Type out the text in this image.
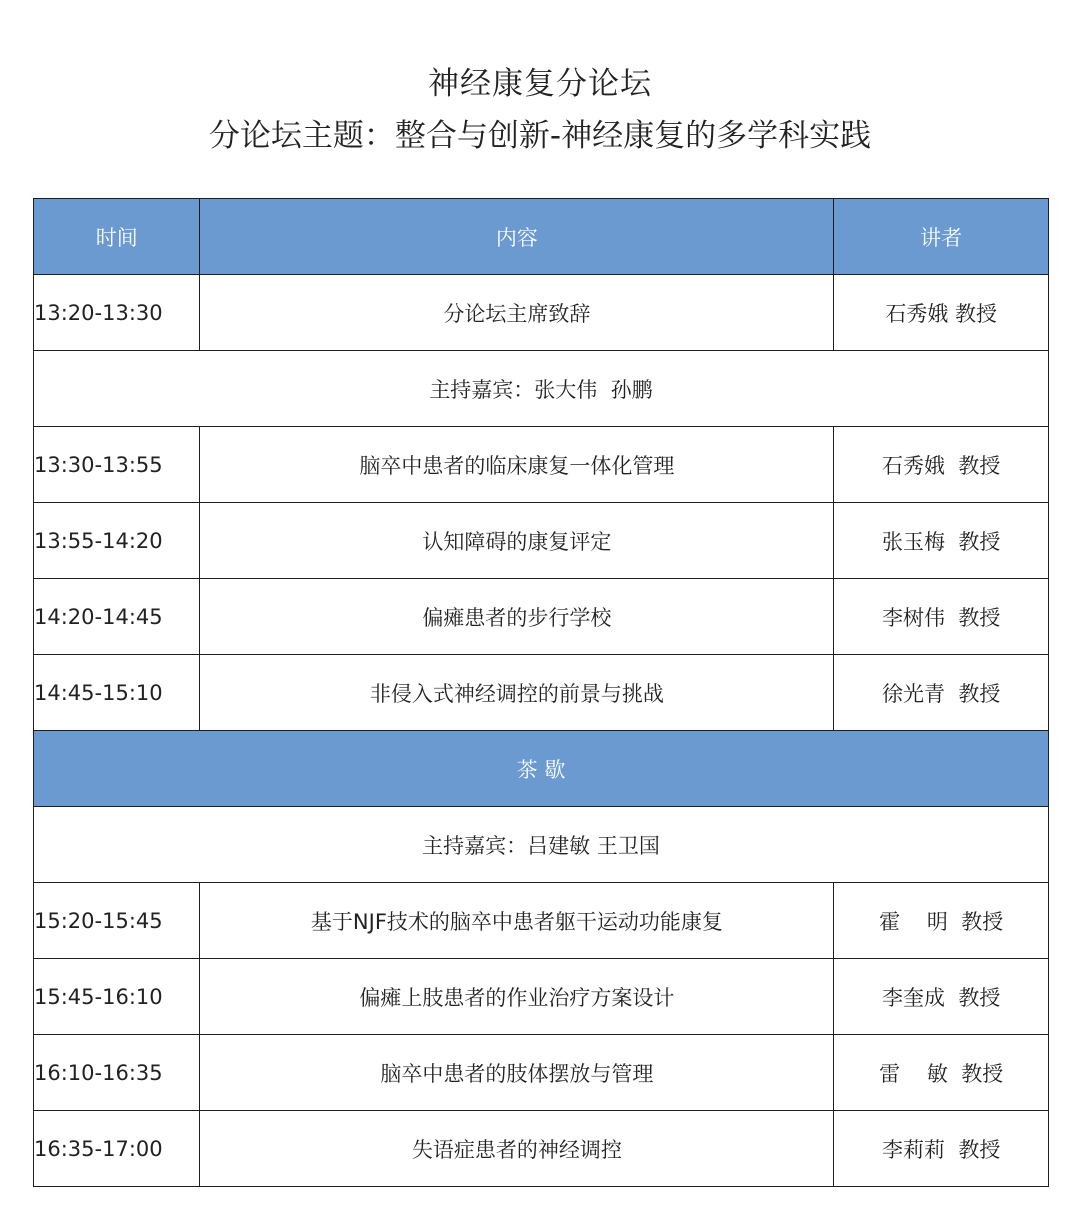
神经康复分论坛
分论坛主题：整合与创新-神经康复的多学科实践
时间	内容	讲者
13:20-13:30	分论坛主席致辞	石秀娥 教授
主持嘉宾：张大伟  孙鹏		
13:30-13:55	脑卒中患者的临床康复一体化管理	石秀娥  教授
13:55-14:20	认知障碍的康复评定	张玉梅  教授
14:20-14:45	偏瘫患者的步行学校	李树伟  教授
14:45-15:10	非侵入式神经调控的前景与挑战	徐光青  教授
茶 歇		
主持嘉宾：吕建敏 王卫国		
15:20-15:45	基于NJF技术的脑卒中患者躯干运动功能康复	霍    明  教授
15:45-16:10	偏瘫上肢患者的作业治疗方案设计	李奎成  教授
16:10-16:35	脑卒中患者的肢体摆放与管理	雷    敏  教授
16:35-17:00	失语症患者的神经调控	李莉莉  教授
